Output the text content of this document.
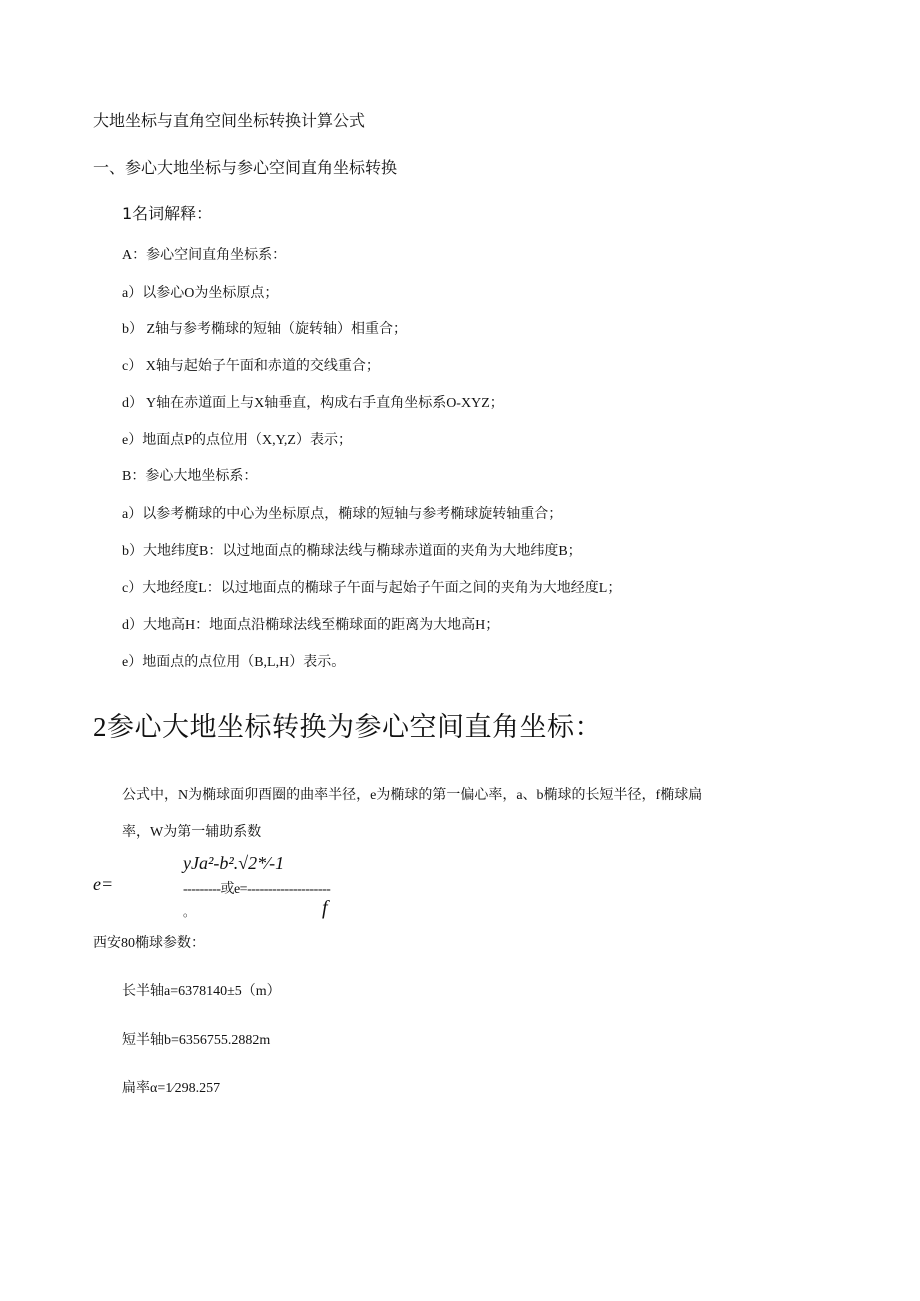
大地坐标与直角空间坐标转换计算公式
一、参心大地坐标与参心空间直角坐标转换
1名词解释：
A：参心空间直角坐标系：
a）以参心O为坐标原点；
b） Z轴与参考椭球的短轴（旋转轴）相重合；
c） X轴与起始子午面和赤道的交线重合；
d） Y轴在赤道面上与X轴垂直，构成右手直角坐标系O-XYZ；
e）地面点P的点位用（X,Y,Z）表示；
B：参心大地坐标系：
a）以参考椭球的中心为坐标原点，椭球的短轴与参考椭球旋转轴重合；
b）大地纬度B：以过地面点的椭球法线与椭球赤道面的夹角为大地纬度B；
c）大地经度L：以过地面点的椭球子午面与起始子午面之间的夹角为大地经度L；
d）大地高H：地面点沿椭球法线至椭球面的距离为大地高H；
e）地面点的点位用（B,L,H）表示。
2参心大地坐标转换为参心空间直角坐标：
公式中，N为椭球面卯酉圈的曲率半径，e为椭球的第一偏心率，a、b椭球的长短半径，f椭球扁
率，W为第一辅助系数
e=
yJa²-b².√2*⁄-1
---------或e=--------------------
。	f
西安80椭球参数：
长半轴a=6378140±5（m）
短半轴b=6356755.2882m
扁率α=1⁄298.257
